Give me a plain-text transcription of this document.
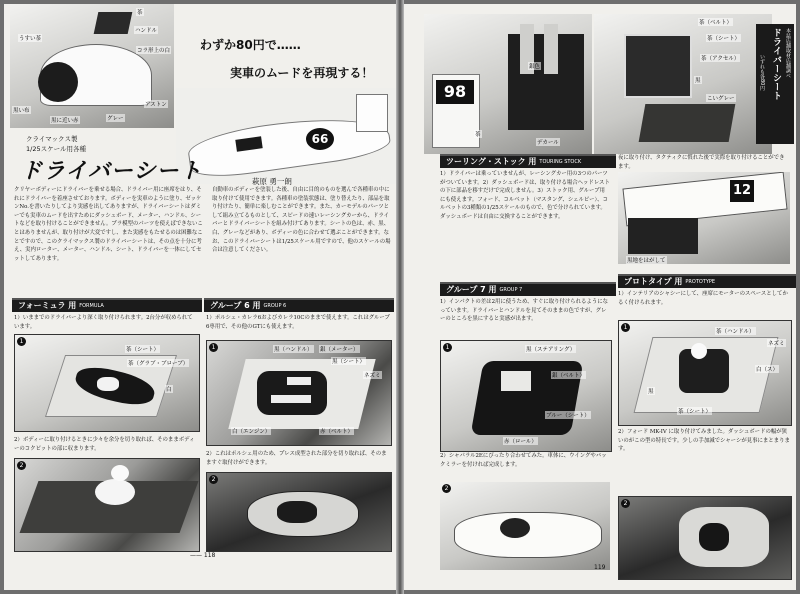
うすい茶
茶
ハンドル
コラ形上の白
黒い布
アストン
グレー
黒に近い赤
わずか80円で……
実車のムードを再現する！
66
クライマックス製
1/25スケール用各種
ドライバーシート	萩原 勇一朗
クリヤーボディーにドライバーを乗せる場合、ドライバー用に座席をはり、それにドライバーを着座させております。ボディーを実車のように塗り、ゼッケンNo.を書いたりしてより実感を出してありますが、ドライバーシートはダミーでも実車のムードを出すためにダッシュボード、メーター、ハンドル、シートなどを取り付けることができません。プラ模型のパーツを使えばできないことはありませんが、取り付けが大変ですし、また実感をもたせるのは困難なことですので、このクライマックス製のドライバーシートは、その点を十分に考え、実内ローター、メーター、ハンドル、シート、ドライバーを一体にしてセットしてあります。
自動車のボディーを塗装した後、自由に目的のものを選んで各種車の中に取り付けて使用できます。各種車の塗装状態は、塗り替えたり、部品を取り付けたり、簡単に楽しむことができます。また、カーモデルのパーツとして組み立てるものとして、スピードの速いレーシングカーから、ドライバーとドライバーシートを組み付けてあります。シートの色は、赤、黒、白、グレーなどがあり、ボディーの色に合わせて選ぶことができます。なお、このドライバーシートは1/25スケール用ですので、他のスケールの場合は注意してください。
フォーミュラ 用 $^{FORMULA}$	グループ 6 用 $^{GROUP 6}$
1）いままでのドライバーより深く取り付けられます。2台分が収められています。
1）ポルシェ・カレラ6およびカレラ10Cのままで使えます。これはグループ6専用で、その他のGTにも使えます。
1
茶（シート）
茶（グラブ・ブローブ）
白
1	黒（ハンドル） 銀（メーター）
黒（シート）
ネズミ
白（エンジン）	赤（ベルト）
2）ボディーに取り付けるときに少々を余分を切り取れば、そのままボディーのコクピットの部に収まります。
2）これはポルシェ用のため、プレス成型された部分を切り取れば、そのまますぐ取付けができます。
2
2
—— 118
98
銀色
茶
デカール
茶（ベルト）
茶（シート）
茶（アクセル）
黒
こいグレー
本誌店舗取材店舗調べ
ドライバーシート
いずれも各80円
ツーリング・ストック 用 $^{TOURING STOCK}$
1）ドライバーは乗っていませんが、レーシングカー用の3つのパーツがついています。2）ダッシュボードは、取り付ける場合ヘッドレストの下に部品を移すだけで完成しません。3）ストック用、グループ用にも使えます。フォード、コルベット（マスタング、シェルビー）、コルベットの3種類の1/25スケールのもので、色で分けられています。ダッシュボードは自由に交換することができます。
夜に取り付け、タクティクに慣れた後で実際を取り付けることができます。
12
黒地をはがして
グループ 7 用 $^{GROUP 7}$
1）インパクトの差は2用に使うため、すぐに取り付けられるようになっています。ドライバーとハンドルを見てそのままの色ですが、グレーのところを黒にすると実感が出ます。
プロトタイプ 用 $^{PROTOTYPE}$
1）インテリアのシャシーにして、座席にモーターのスペースとしてかるく付けられます。
1	黒（ステアリング）
銀（ベルト）
ブルー（シート）
赤（ロール）
1
茶（ハンドル）
ネズミ
白（ス）
茶（シート）
黒
2）シャパラル2Eにぴったり合わせてみた。車体に、ウイングやバックミラーを付ければ完成します。
2）フォード MK-IV に取り付けてみました。ダッシュボードの幅が狭いのがこの型の特長です。少しの手加減でシャーシが見事にまとまります。
2
2
119
